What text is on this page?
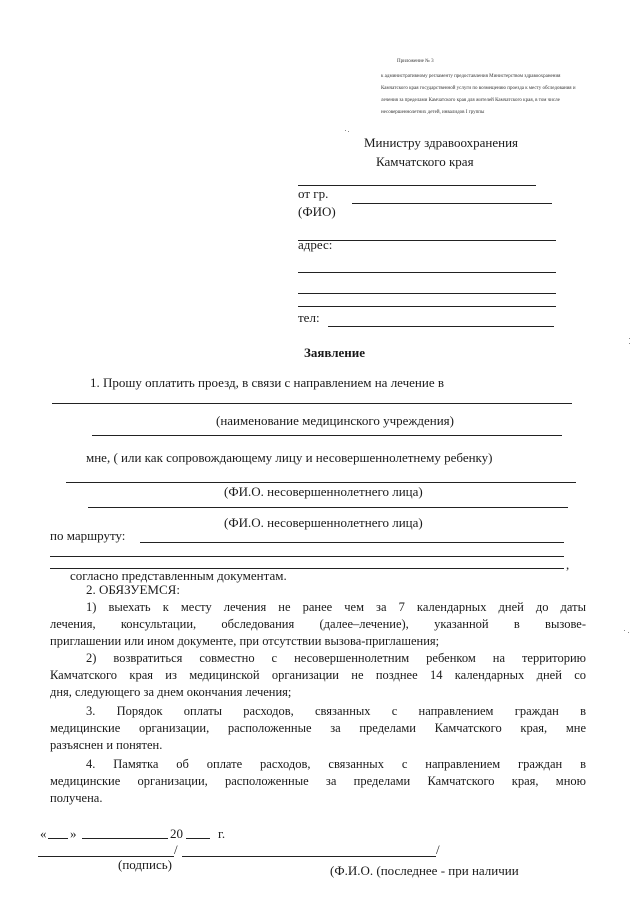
Приложение № 3
к административному регламенту предоставления Министерством здравоохранения
Камчатского края государственной услуги по возмещению проезда к месту обследования и
лечения за пределами Камчатского края для жителей Камчатского края, в том числе
несовершеннолетних детей, инвалидов I группы
Министру здравоохранения
Камчатского края
от гр.
(ФИО)
адрес:
тел:
Заявление
1. Прошу оплатить проезд, в связи с направлением на лечение в
(наименование медицинского учреждения)
мне, ( или как сопровождающему лицу и несовершеннолетнему ребенку)
(ФИ.О. несовершеннолетнего лица)
(ФИ.О. несовершеннолетнего лица)
по маршруту:
,
согласно представленным документам.
2. ОБЯЗУЕМСЯ:
1) выехать к месту лечения не ранее чем за 7 календарных дней до даты
лечения, консультации, обследования (далее–лечение), указанной в вызове-
приглашении или ином документе, при отсутствии вызова-приглашения;
2) возвратиться совместно с несовершеннолетним ребенком на территорию
Камчатского края из медицинской организации не позднее 14 календарных дней со
дня, следующего за днем окончания лечения;
3. Порядок оплаты расходов, связанных с направлением граждан в
медицинские организации, расположенные за пределами Камчатского края, мне
разъяснен и понятен.
4. Памятка об оплате расходов, связанных с направлением граждан в
медицинские организации, расположенные за пределами Камчатского края, мною
получена.
« »	20	г.
/	/
(подпись)	(Ф.И.О. (последнее - при наличии
